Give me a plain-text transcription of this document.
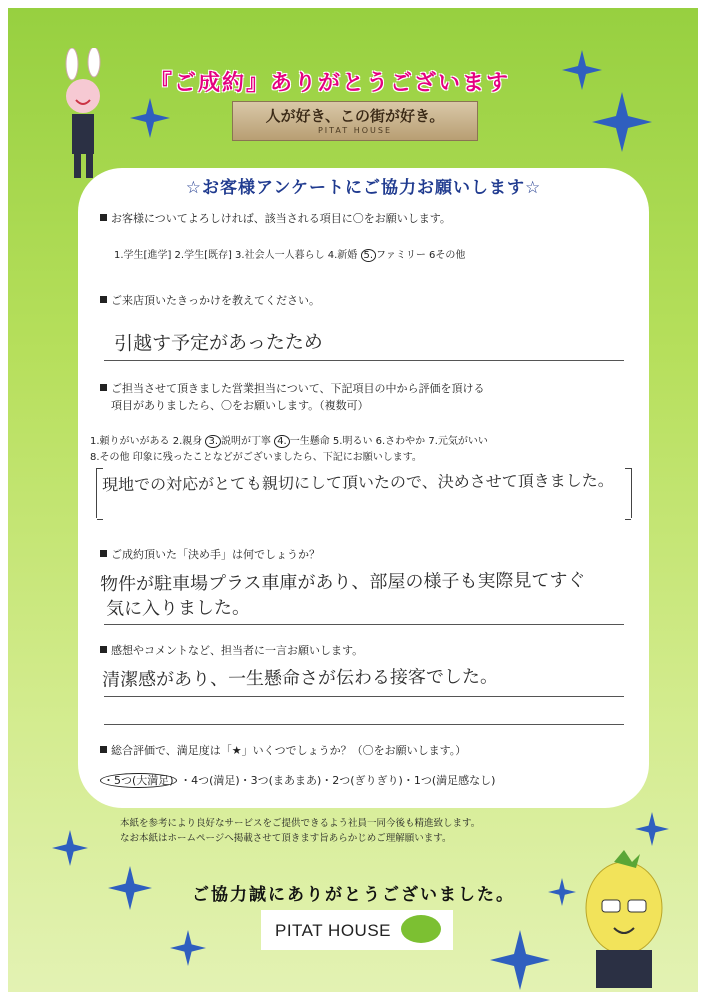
『ご成約』ありがとうございます
人が好き、この街が好き。
PITAT HOUSE
☆お客様アンケートにご協力お願いします☆
お客様についてよろしければ、該当される項目に〇をお願いします。
1.学生[進学] 2.学生[既存] 3.社会人一人暮らし 4.新婚 5. ファミリー 6その他
ご来店頂いたきっかけを教えてください。
引越す予定があったため
ご担当させて頂きました営業担当について、下記項目の中から評価を頂ける
項目がありましたら、〇をお願いします。（複数可）
1.頼りがいがある 2.親身 3. 説明が丁寧 4. 一生懸命 5.明るい 6.さわやか 7.元気がいい
8.その他 印象に残ったことなどがございましたら、下記にお願いします。
現地での対応がとても親切にして頂いたので、決めさせて頂きました。
ご成約頂いた「決め手」は何でしょうか？
物件が駐車場プラス車庫があり、部屋の様子も実際見てすぐ
気に入りました。
感想やコメントなど、担当者に一言お願いします。
清潔感があり、一生懸命さが伝わる接客でした。
総合評価で、満足度は「★」いくつでしょうか？（〇をお願いします。）
・5つ(大満足) ・4つ(満足)・3つ(まあまあ)・2つ(ぎりぎり)・1つ(満足感なし)
本紙を参考により良好なサービスをご提供できるよう社員一同今後も精進致します。
なお本紙はホームページへ掲載させて頂きます旨あらかじめご理解願います。
ご協力誠にありがとうございました。
PITAT HOUSE
